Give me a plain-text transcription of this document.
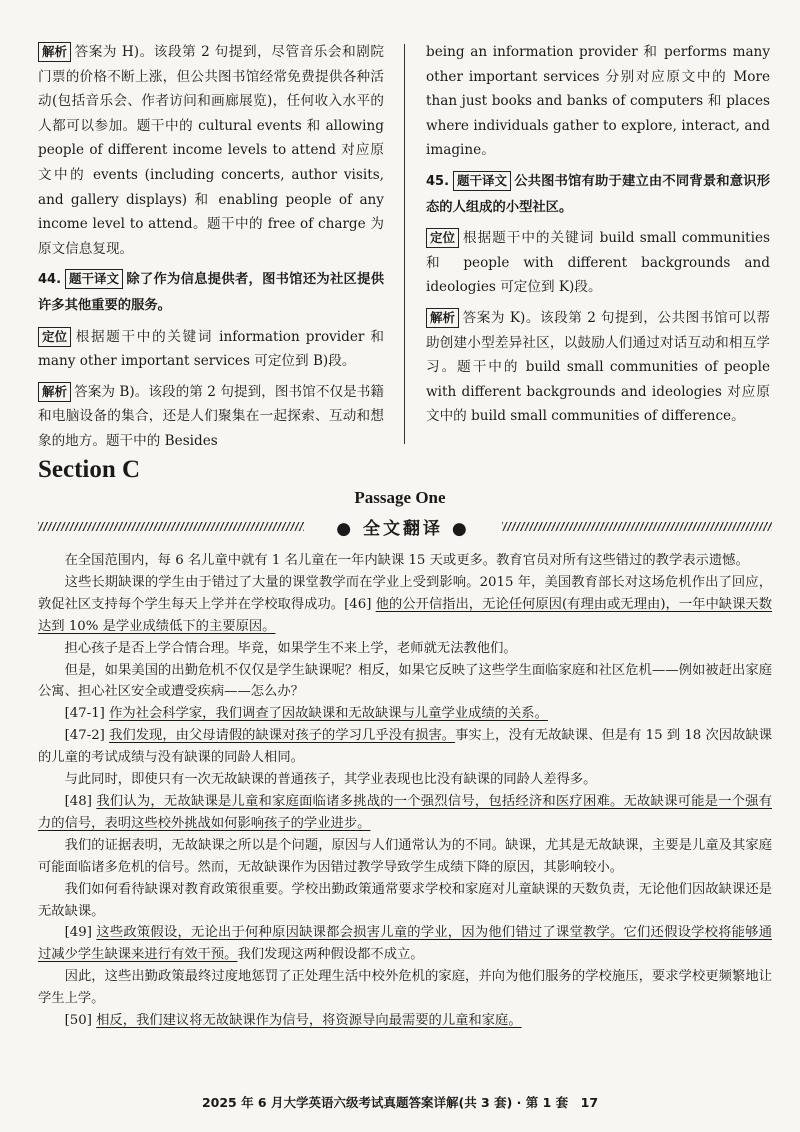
解析 答案为 H)。该段第 2 句提到，尽管音乐会和剧院门票的价格不断上涨，但公共图书馆经常免费提供各种活动(包括音乐会、作者访问和画廊展览)，任何收入水平的人都可以参加。题干中的 cultural events 和 allowing people of different income levels to attend 对应原文中的 events (including concerts, author visits, and gallery displays) 和 enabling people of any income level to attend。题干中的 free of charge 为原文信息复现。
44. 题干译文 除了作为信息提供者，图书馆还为社区提供许多其他重要的服务。
定位 根据题干中的关键词 information provider 和 many other important services 可定位到 B)段。
解析 答案为 B)。该段的第 2 句提到，图书馆不仅是书籍和电脑设备的集合，还是人们聚集在一起探索、互动和想象的地方。题干中的 Besides
being an information provider 和 performs many other important services 分别对应原文中的 More than just books and banks of computers 和 places where individuals gather to explore, interact, and imagine。
45. 题干译文 公共图书馆有助于建立由不同背景和意识形态的人组成的小型社区。
定位 根据题干中的关键词 build small communities 和 people with different backgrounds and ideologies 可定位到 K)段。
解析 答案为 K)。该段第 2 句提到，公共图书馆可以帮助创建小型差异社区，以鼓励人们通过对话互动和相互学习。题干中的 build small communities of people with different backgrounds and ideologies 对应原文中的 build small communities of difference。
Section C
Passage One
● 全文翻译 ●

在全国范围内，每 6 名儿童中就有 1 名儿童在一年内缺课 15 天或更多。教育官员对所有这些错过的教学表示遗憾。

这些长期缺课的学生由于错过了大量的课堂教学而在学业上受到影响。2015 年，美国教育部长对这场危机作出了回应，敦促社区支持每个学生每天上学并在学校取得成功。[46] 他的公开信指出，无论任何原因(有理由或无理由)，一年中缺课天数达到 10% 是学业成绩低下的主要原因。

担心孩子是否上学合情合理。毕竟，如果学生不来上学，老师就无法教他们。

但是，如果美国的出勤危机不仅仅是学生缺课呢？相反，如果它反映了这些学生面临家庭和社区危机——例如被赶出家庭公寓、担心社区安全或遭受疾病——怎么办？

[47-1] 作为社会科学家，我们调查了因故缺课和无故缺课与儿童学业成绩的关系。

[47-2] 我们发现，由父母请假的缺课对孩子的学习几乎没有损害。事实上，没有无故缺课、但是有 15 到 18 次因故缺课的儿童的考试成绩与没有缺课的同龄人相同。

与此同时，即使只有一次无故缺课的普通孩子，其学业表现也比没有缺课的同龄人差得多。

[48] 我们认为，无故缺课是儿童和家庭面临诸多挑战的一个强烈信号，包括经济和医疗困难。无故缺课可能是一个强有力的信号，表明这些校外挑战如何影响孩子的学业进步。

我们的证据表明，无故缺课之所以是个问题，原因与人们通常认为的不同。缺课，尤其是无故缺课，主要是儿童及其家庭可能面临诸多危机的信号。然而，无故缺课作为因错过教学导致学生成绩下降的原因，其影响较小。

我们如何看待缺课对教育政策很重要。学校出勤政策通常要求学校和家庭对儿童缺课的天数负责，无论他们因故缺课还是无故缺课。

[49] 这些政策假设，无论出于何种原因缺课都会损害儿童的学业，因为他们错过了课堂教学。它们还假设学校将能够通过减少学生缺课来进行有效干预。我们发现这两种假设都不成立。

因此，这些出勤政策最终过度地惩罚了正处理生活中校外危机的家庭，并向为他们服务的学校施压，要求学校更频繁地让学生上学。

[50] 相反，我们建议将无故缺课作为信号，将资源导向最需要的儿童和家庭。

2025 年 6 月大学英语六级考试真题答案详解(共 3 套) · 第 1 套　17
